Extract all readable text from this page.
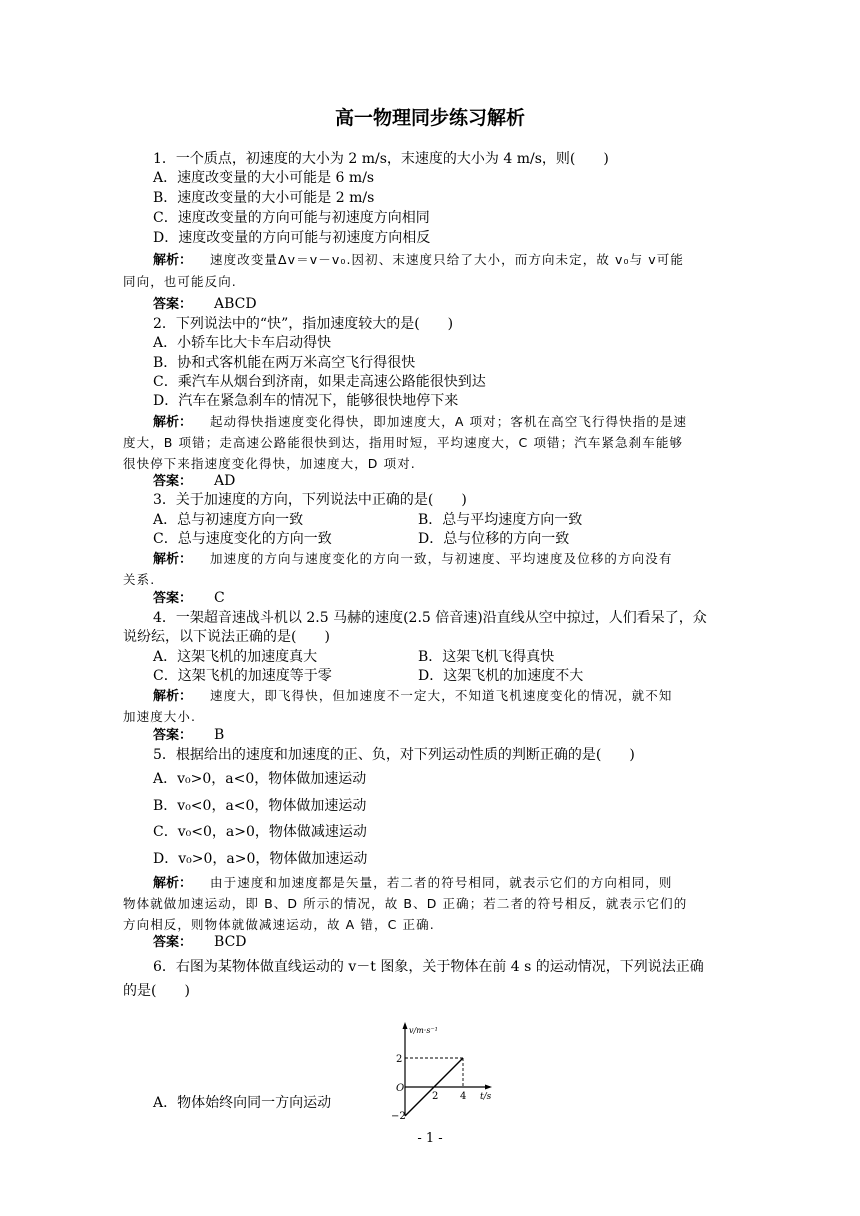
高一物理同步练习解析
1．一个质点，初速度的大小为 2 m/s，末速度的大小为 4 m/s，则(　　)
A．速度改变量的大小可能是 6 m/s
B．速度改变量的大小可能是 2 m/s
C．速度改变量的方向可能与初速度方向相同
D．速度改变量的方向可能与初速度方向相反
解析： 速度改变量Δv＝v－v₀.因初、末速度只给了大小，而方向未定，故 v₀与 v可能
同向，也可能反向.
答案： ABCD
2．下列说法中的“快”，指加速度较大的是(　　)
A．小轿车比大卡车启动得快
B．协和式客机能在两万米高空飞行得很快
C．乘汽车从烟台到济南，如果走高速公路能很快到达
D．汽车在紧急刹车的情况下，能够很快地停下来
解析： 起动得快指速度变化得快，即加速度大，A 项对；客机在高空飞行得快指的是速
度大，B 项错；走高速公路能很快到达，指用时短，平均速度大，C 项错；汽车紧急刹车能够
很快停下来指速度变化得快，加速度大，D 项对.
答案： AD
3．关于加速度的方向，下列说法中正确的是(　　)
A．总与初速度方向一致	B．总与平均速度方向一致
C．总与速度变化的方向一致	D．总与位移的方向一致
解析： 加速度的方向与速度变化的方向一致，与初速度、平均速度及位移的方向没有
关系.
答案： C
4．一架超音速战斗机以 2.5 马赫的速度(2.5 倍音速)沿直线从空中掠过，人们看呆了，众
说纷纭，以下说法正确的是(　　)
A．这架飞机的加速度真大	B．这架飞机飞得真快
C．这架飞机的加速度等于零	D．这架飞机的加速度不大
解析： 速度大，即飞得快，但加速度不一定大，不知道飞机速度变化的情况，就不知
加速度大小.
答案： B
5．根据给出的速度和加速度的正、负，对下列运动性质的判断正确的是(　　)
A．v₀>0，a<0，物体做加速运动
B．v₀<0，a<0，物体做加速运动
C．v₀<0，a>0，物体做减速运动
D．v₀>0，a>0，物体做加速运动
解析： 由于速度和加速度都是矢量，若二者的符号相同，就表示它们的方向相同，则
物体就做加速运动，即 B、D 所示的情况，故 B、D 正确；若二者的符号相反，就表示它们的
方向相反，则物体就做减速运动，故 A 错，C 正确.
答案： BCD
6．右图为某物体做直线运动的 v－t 图象，关于物体在前 4 s 的运动情况，下列说法正确
的是(　　)
v/m·s⁻¹
t/s
O
2
−2
2 4
A．物体始终向同一方向运动
- 1 -
